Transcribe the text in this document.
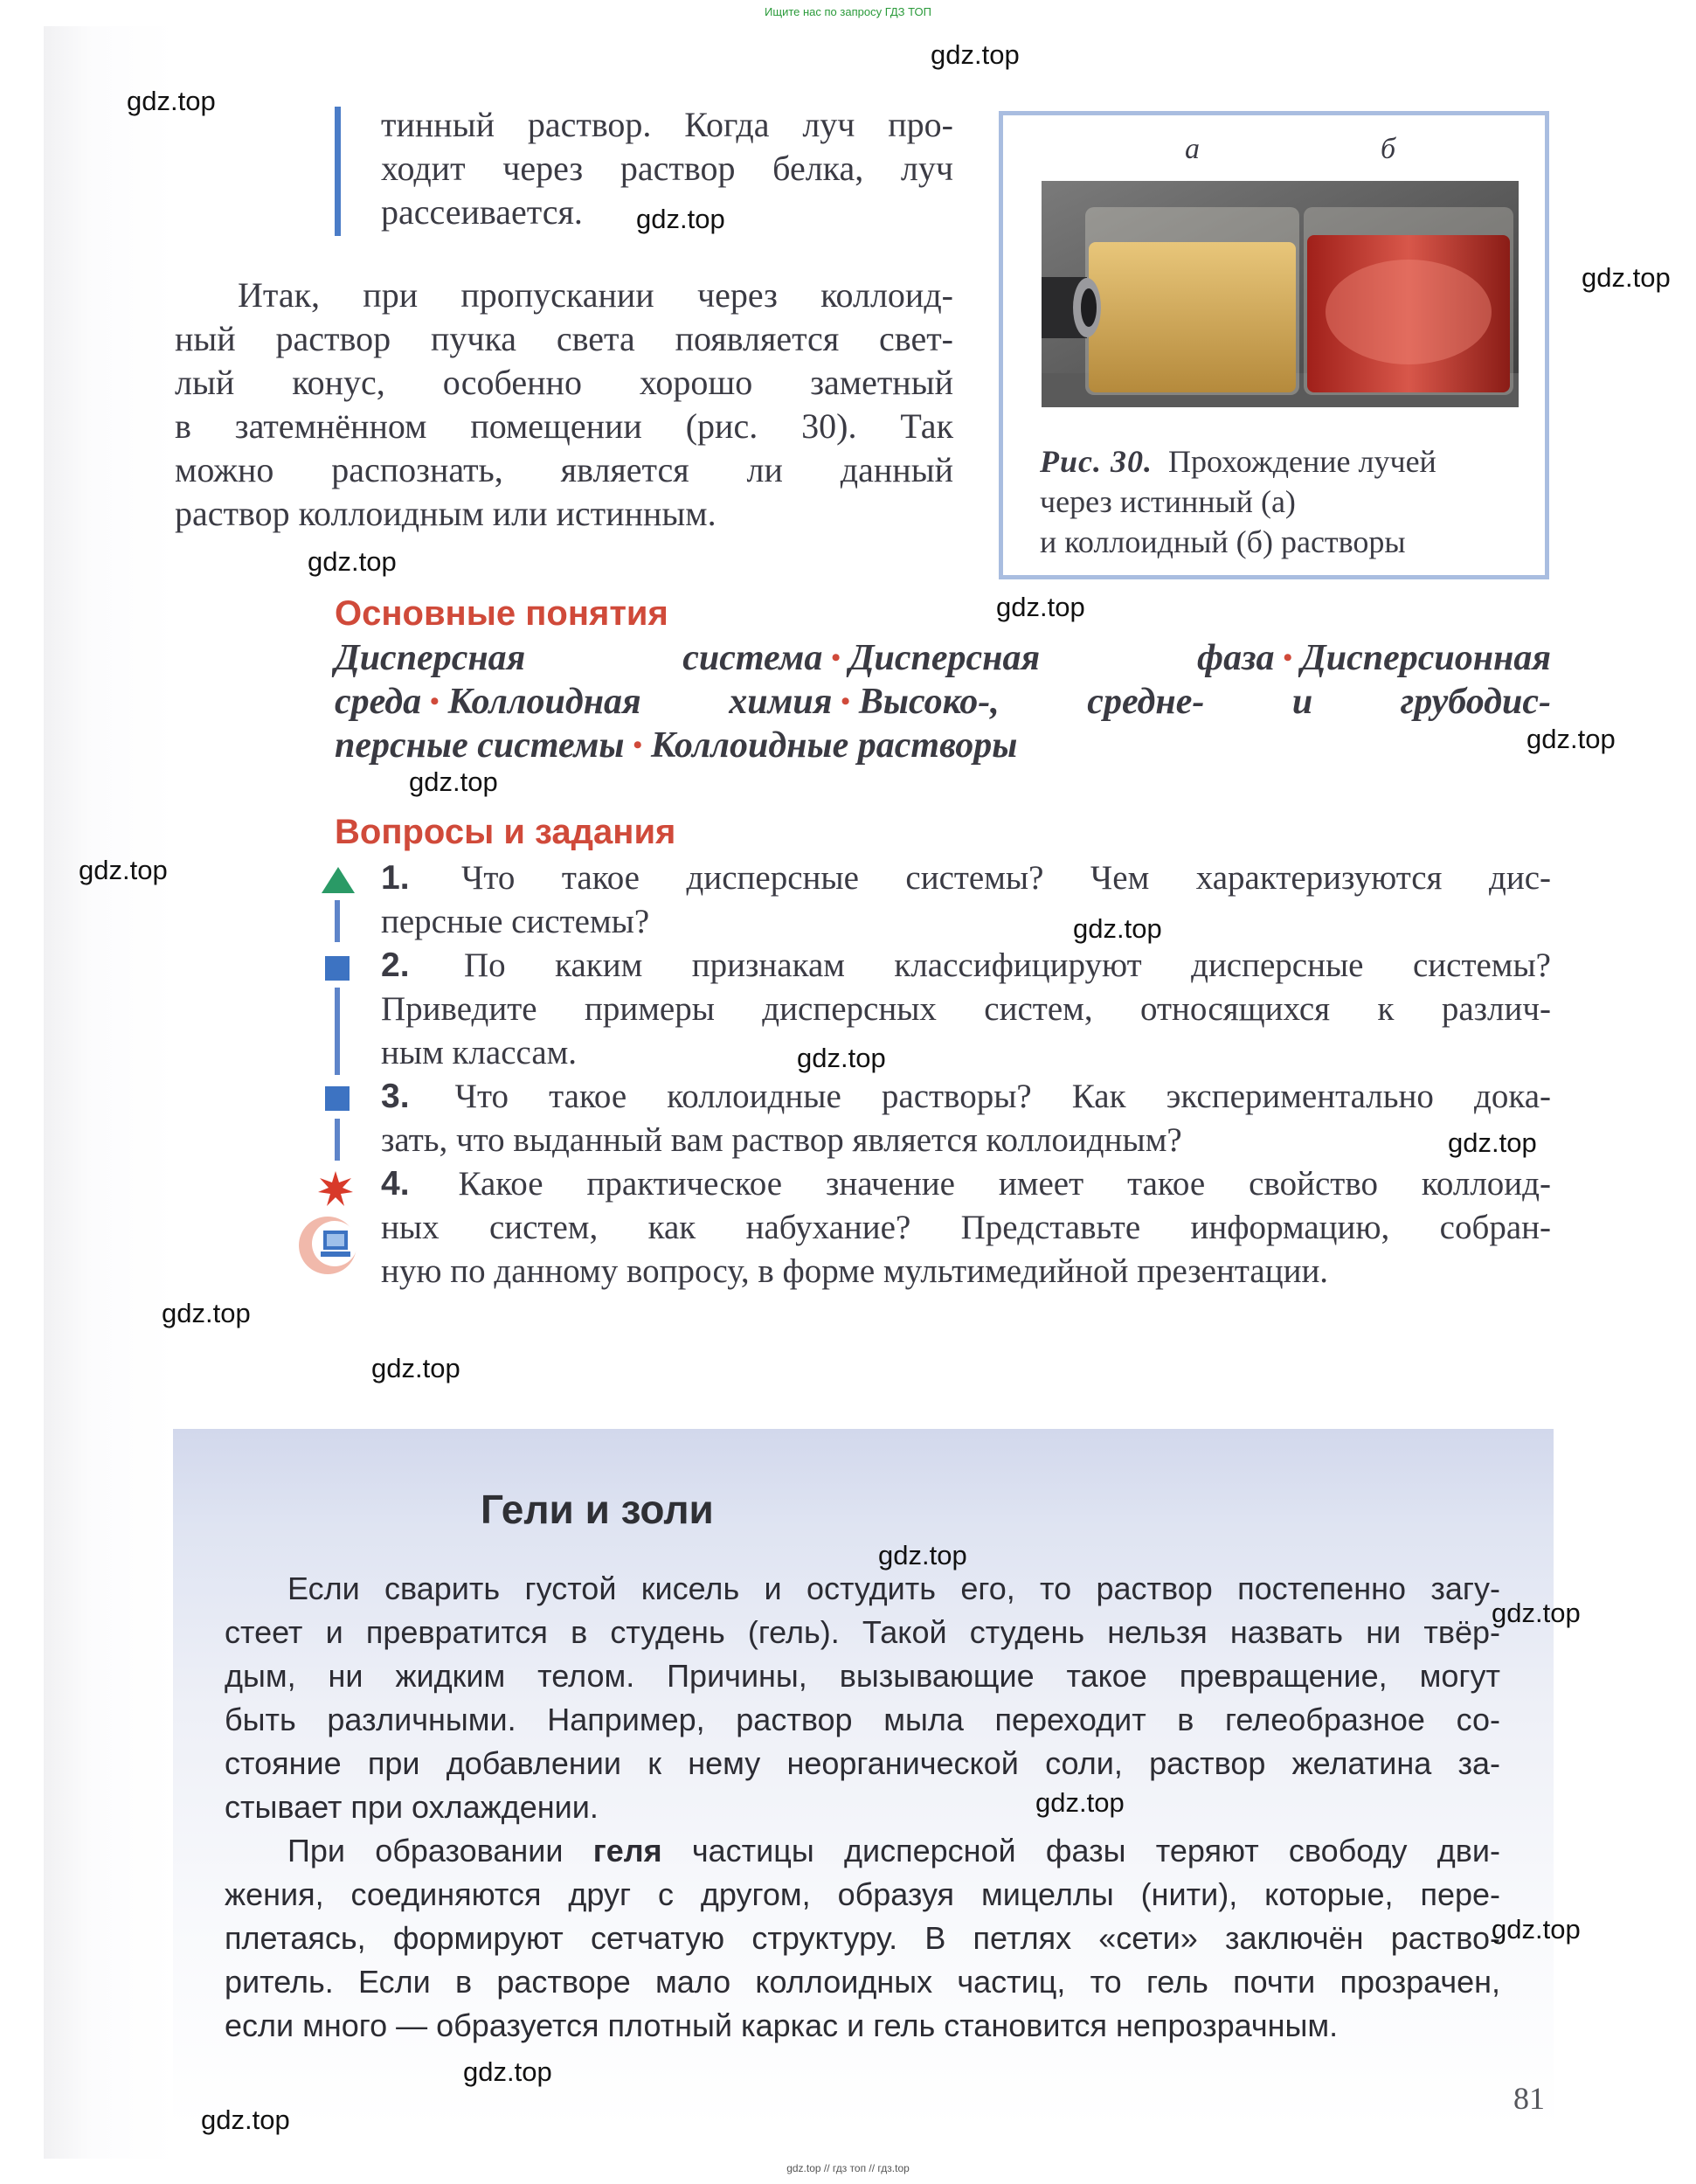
Ищите нас по запросу ГДЗ ТОП
тинный раствор. Когда луч про-
ходит через раствор белка, луч
рассеивается.
Итак, при пропускании через коллоид-
ный раствор пучка света появляется свет-
лый конус, особенно хорошо заметный
в затемнённом помещении (рис. 30). Так
можно распознать, является ли данный
раствор коллоидным или истинным.
а	б
Рис. 30. Прохождение лучей
через истинный (а)
и коллоидный (б) растворы
Основные понятия
Дисперсная система • Дисперсная фаза • Дисперсионная
среда • Коллоидная химия • Высоко-, средне- и грубодис-
персные системы • Коллоидные растворы
Вопросы и задания
1. Что такое дисперсные системы? Чем характеризуются дис-
персные системы?
2. По каким признакам классифицируют дисперсные системы?
Приведите примеры дисперсных систем, относящихся к различ-
ным классам.
3. Что такое коллоидные растворы? Как экспериментально дока-
зать, что выданный вам раствор является коллоидным?
4. Какое практическое значение имеет такое свойство коллоид-
ных систем, как набухание? Представьте информацию, собран-
ную по данному вопросу, в форме мультимедийной презентации.
Гели и золи
Если сварить густой кисель и остудить его, то раствор постепенно загу-
стеет и превратится в студень (гель). Такой студень нельзя назвать ни твёр-
дым, ни жидким телом. Причины, вызывающие такое превращение, могут
быть различными. Например, раствор мыла переходит в гелеобразное со-
стояние при добавлении к нему неорганической соли, раствор желатина за-
стывает при охлаждении.
При образовании геля частицы дисперсной фазы теряют свободу дви-
жения, соединяются друг с другом, образуя мицеллы (нити), которые, пере-
плетаясь, формируют сетчатую структуру. В петлях «сети» заключён раство-
ритель. Если в растворе мало коллоидных частиц, то гель почти прозрачен,
если много — образуется плотный каркас и гель становится непрозрачным.
81
gdz.top
gdz.top
gdz.top
gdz.top
gdz.top
gdz.top
gdz.top
gdz.top
gdz.top
gdz.top
gdz.top
gdz.top
gdz.top
gdz.top
gdz.top
gdz.top
gdz.top
gdz.top
gdz.top
gdz.top
gdz.top // гдз топ // гдз.top
